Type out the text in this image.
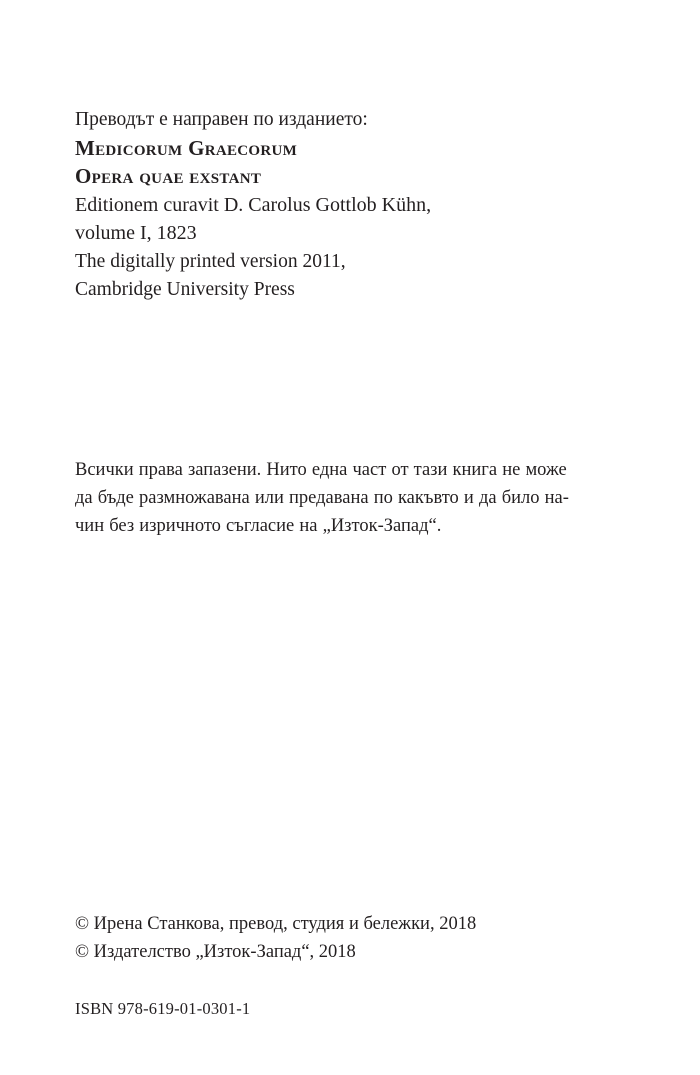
Преводът е направен по изданието:
Medicorum Graecorum
Opera quae exstant
Editionem curavit D. Carolus Gottlob Kühn,
volume I, 1823
The digitally printed version 2011,
Cambridge University Press
Всички права запазени. Нито една част от тази книга не може
да бъде размножавана или предавана по какъвто и да било на-
чин без изричното съгласие на „Изток-Запад“.
© Ирена Станкова, превод, студия и бележки, 2018
© Издателство „Изток-Запад“, 2018
ISBN 978-619-01-0301-1
